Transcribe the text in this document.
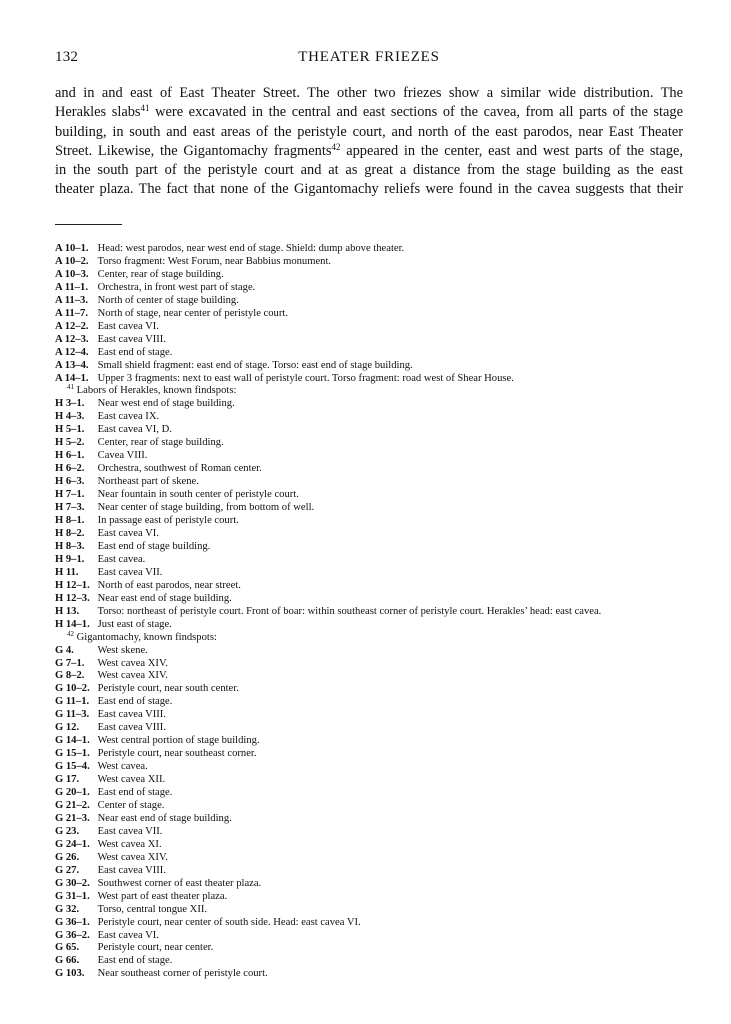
132	THEATER FRIEZES
and in and east of East Theater Street. The other two friezes show a similar wide distribution. The
Herakles slabs$^{41}$ were excavated in the central and east sections of the cavea, from all parts of the stage
building, in south and east areas of the peristyle court, and north of the east parodos, near East Theater
Street. Likewise, the Gigantomachy fragments$^{42}$ appeared in the center, east and west parts of the stage,
in the south part of the peristyle court and at as great a distance from the stage building as the east
theater plaza. The fact that none of the Gigantomachy reliefs were found in the cavea suggests that their
A 10–1. Head: west parodos, near west end of stage. Shield: dump above theater.
A 10–2. Torso fragment: West Forum, near Babbius monument.
A 10–3. Center, rear of stage building.
A 11–1. Orchestra, in front west part of stage.
A 11–3. North of center of stage building.
A 11–7. North of stage, near center of peristyle court.
A 12–2. East cavea VI.
A 12–3. East cavea VIII.
A 12–4. East end of stage.
A 13–4. Small shield fragment: east end of stage. Torso: east end of stage building.
A 14–1. Upper 3 fragments: next to east wall of peristyle court. Torso fragment: road west of Shear House.
$^{41}$ Labors of Herakles, known findspots:
H 3–1. Near west end of stage building.
H 4–3. East cavea IX.
H 5–1. East cavea VI, D.
H 5–2. Center, rear of stage building.
H 6–1. Cavea VIII.
H 6–2. Orchestra, southwest of Roman center.
H 6–3. Northeast part of skene.
H 7–1. Near fountain in south center of peristyle court.
H 7–3. Near center of stage building, from bottom of well.
H 8–1. In passage east of peristyle court.
H 8–2. East cavea VI.
H 8–3. East end of stage building.
H 9–1. East cavea.
H 11. East cavea VII.
H 12–1. North of east parodos, near street.
H 12–3. Near east end of stage building.
H 13. Torso: northeast of peristyle court. Front of boar: within southeast corner of peristyle court. Herakles’ head: east cavea.
H 14–1. Just east of stage.
$^{42}$ Gigantomachy, known findspots:
G 4. West skene.
G 7–1. West cavea XIV.
G 8–2. West cavea XIV.
G 10–2. Peristyle court, near south center.
G 11–1. East end of stage.
G 11–3. East cavea VIII.
G 12. East cavea VIII.
G 14–1. West central portion of stage building.
G 15–1. Peristyle court, near southeast corner.
G 15–4. West cavea.
G 17. West cavea XII.
G 20–1. East end of stage.
G 21–2. Center of stage.
G 21–3. Near east end of stage building.
G 23. East cavea VII.
G 24–1. West cavea XI.
G 26. West cavea XIV.
G 27. East cavea VIII.
G 30–2. Southwest corner of east theater plaza.
G 31–1. West part of east theater plaza.
G 32. Torso, central tongue XII.
G 36–1. Peristyle court, near center of south side. Head: east cavea VI.
G 36–2. East cavea VI.
G 65. Peristyle court, near center.
G 66. East end of stage.
G 103. Near southeast corner of peristyle court.
